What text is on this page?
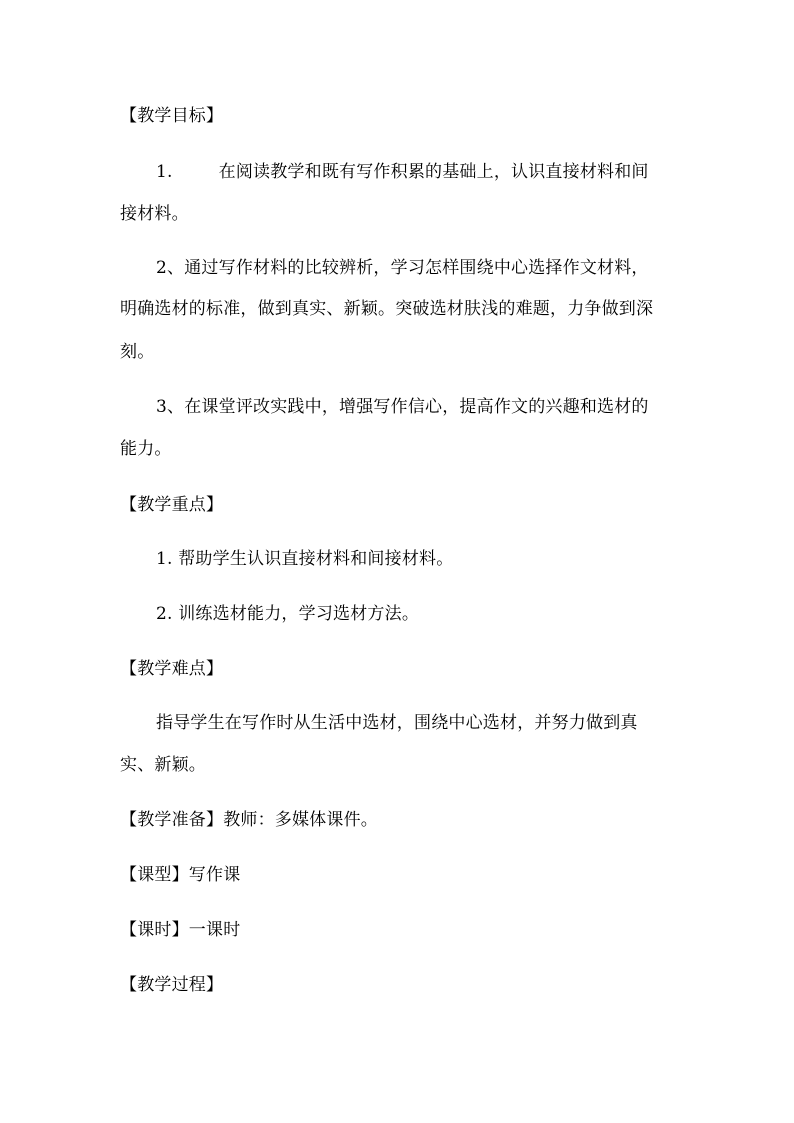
【教学目标】
1.	在阅读教学和既有写作积累的基础上，认识直接材料和间
接材料。
2、通过写作材料的比较辨析，学习怎样围绕中心选择作文材料，
明确选材的标准，做到真实、新颖。突破选材肤浅的难题，力争做到深
刻。
3、在课堂评改实践中，增强写作信心，提高作文的兴趣和选材的
能力。
【教学重点】
1. 帮助学生认识直接材料和间接材料。
2. 训练选材能力，学习选材方法。
【教学难点】
指导学生在写作时从生活中选材，围绕中心选材，并努力做到真
实、新颖。
【教学准备】教师：多媒体课件。
【课型】写作课
【课时】一课时
【教学过程】
